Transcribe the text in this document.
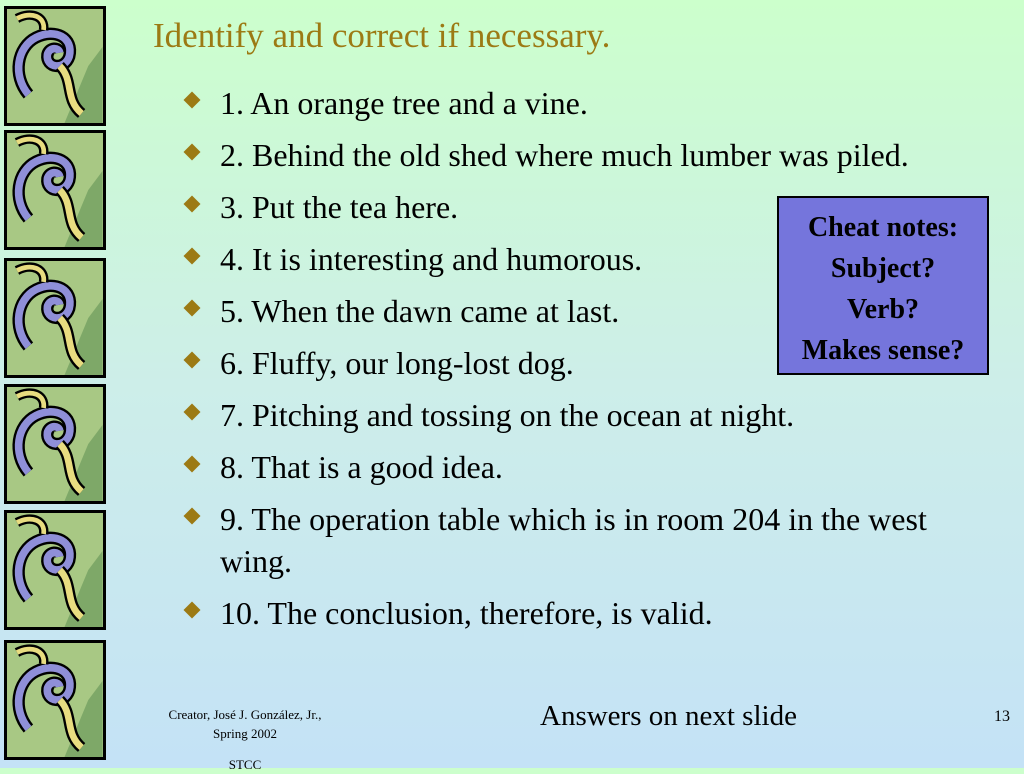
Identify and correct if necessary.
1. An orange tree and a vine.
2. Behind the old shed where much lumber was piled.
3. Put the tea here.
4. It is interesting and humorous.
5. When the dawn came at last.
6. Fluffy, our long-lost dog.
7. Pitching and tossing on the ocean at night.
8. That is a good idea.
9. The operation table which is in room 204 in the west wing.
10. The conclusion, therefore, is valid.
Cheat notes:
Subject?
Verb?
Makes sense?
Creator, José J. González, Jr.,
Spring 2002
STCC
Answers on next slide	13
